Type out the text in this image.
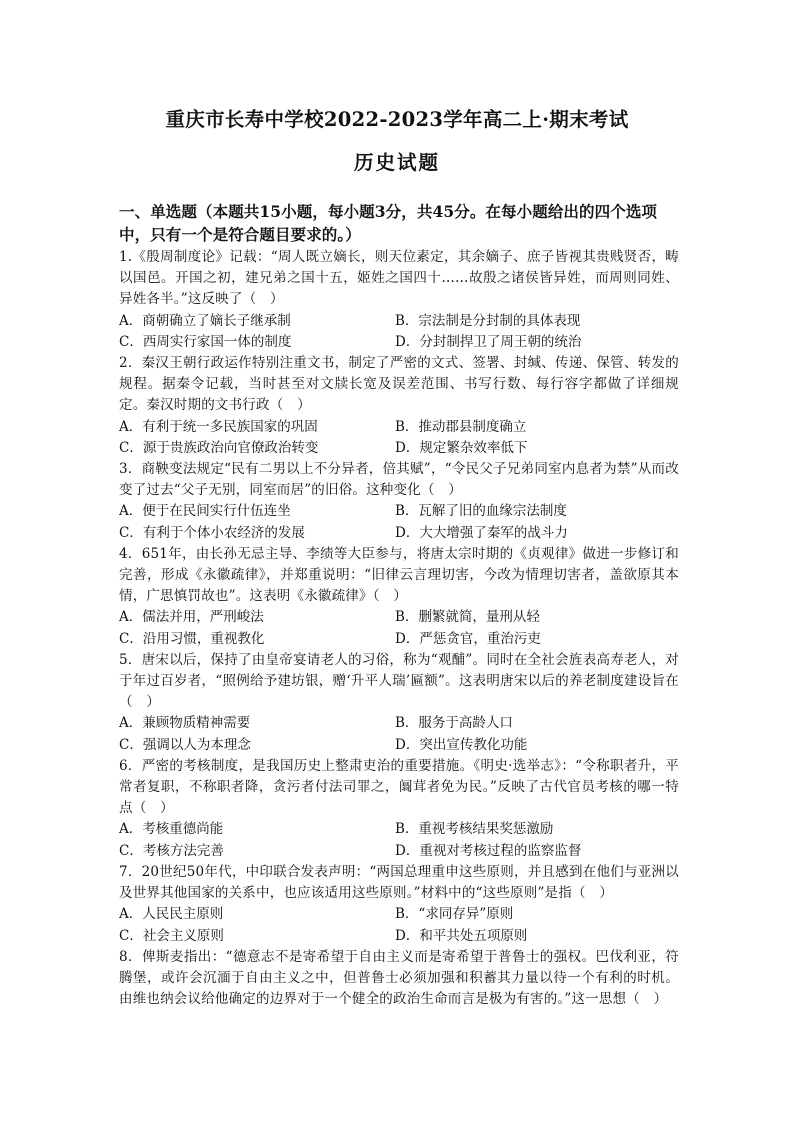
重庆市长寿中学校2022-2023学年高二上·期末考试
历史试题
一、单选题（本题共15小题，每小题3分，共45分。在每小题给出的四个选项中，只有一个是符合题目要求的。）

1.《殷周制度论》记载：“周人既立嫡长，则天位素定，其余嫡子、庶子皆视其贵贱贤否，畴以国邑。开国之初，建兄弟之国十五，姬姓之国四十……故殷之诸侯皆异姓，而周则同姓、异姓各半。”这反映了（　）

A．商朝确立了嫡长子继承制	B．宗法制是分封制的具体表现
C．西周实行家国一体的制度	D．分封制捍卫了周王朝的统治

2．秦汉王朝行政运作特别注重文书，制定了严密的文式、签署、封缄、传递、保管、转发的规程。据秦令记载，当时甚至对文牍长宽及误差范围、书写行数、每行容字都做了详细规定。秦汉时期的文书行政（　）

A．有利于统一多民族国家的巩固	B．推动郡县制度确立
C．源于贵族政治向官僚政治转变	D．规定繁杂效率低下

3．商鞅变法规定“民有二男以上不分异者，倍其赋”，“令民父子兄弟同室内息者为禁”从而改变了过去“父子无别，同室而居”的旧俗。这种变化（　）

A．便于在民间实行什伍连坐	B．瓦解了旧的血缘宗法制度
C．有利于个体小农经济的发展	D．大大增强了秦军的战斗力

4．651年，由长孙无忌主导、李绩等大臣参与，将唐太宗时期的《贞观律》做进一步修订和完善，形成《永徽疏律》，并郑重说明：“旧律云言理切害，今改为情理切害者，盖欲原其本情，广思慎罚故也”。这表明《永徽疏律》（　）

A．儒法并用，严刑峻法	B．删繁就简，量刑从轻
C．沿用习惯，重视教化	D．严惩贪官，重治污吏

5．唐宋以后，保持了由皇帝宴请老人的习俗，称为“观酺”。同时在全社会旌表高寿老人，对于年过百岁者，“照例给予建坊银，赠‘升平人瑞’匾额”。这表明唐宋以后的养老制度建设旨在（　）

A．兼顾物质精神需要	B．服务于高龄人口
C．强调以人为本理念	D．突出宣传教化功能

6．严密的考核制度，是我国历史上整肃吏治的重要措施。《明史·选举志》：“令称职者升，平常者复职，不称职者降，贪污者付法司罪之，阘茸者免为民。”反映了古代官员考核的哪一特点（　）

A．考核重德尚能	B．重视考核结果奖惩激励
C．考核方法完善	D．重视对考核过程的监察监督

7．20世纪50年代，中印联合发表声明：“两国总理重申这些原则，并且感到在他们与亚洲以及世界其他国家的关系中，也应该适用这些原则。”材料中的“这些原则”是指（　）

A．人民民主原则	B．“求同存异”原则
C．社会主义原则	D．和平共处五项原则

8．俾斯麦指出：“德意志不是寄希望于自由主义而是寄希望于普鲁士的强权。巴伐利亚，符腾堡，或许会沉湎于自由主义之中，但普鲁士必须加强和积蓄其力量以待一个有利的时机。由维也纳会议给他确定的边界对于一个健全的政治生命而言是极为有害的。”这一思想（　）
